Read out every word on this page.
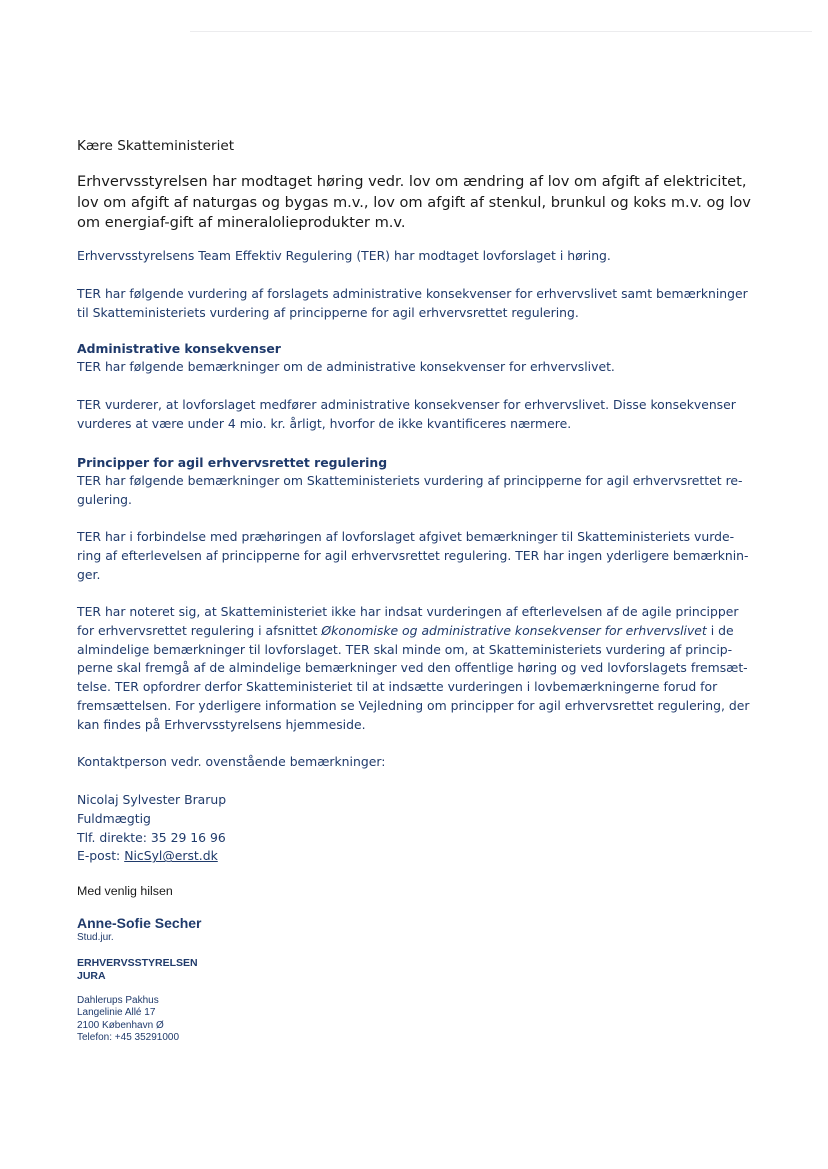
Kære Skatteministeriet

Erhvervsstyrelsen har modtaget høring vedr. lov om ændring af lov om afgift af elektricitet, lov om afgift af naturgas og bygas m.v., lov om afgift af stenkul, brunkul og koks m.v. og lov om energiaf-gift af mineralolieprodukter m.v.

Erhvervsstyrelsens Team Effektiv Regulering (TER) har modtaget lovforslaget i høring.

TER har følgende vurdering af forslagets administrative konsekvenser for erhvervslivet samt bemærkninger til Skatteministeriets vurdering af principperne for agil erhvervsrettet regulering.

Administrative konsekvenser

TER har følgende bemærkninger om de administrative konsekvenser for erhvervslivet.

TER vurderer, at lovforslaget medfører administrative konsekvenser for erhvervslivet. Disse konsekvenser vurderes at være under 4 mio. kr. årligt, hvorfor de ikke kvantificeres nærmere.

Principper for agil erhvervsrettet regulering

TER har følgende bemærkninger om Skatteministeriets vurdering af principperne for agil erhvervsrettet re-gulering.

TER har i forbindelse med præhøringen af lovforslaget afgivet bemærkninger til Skatteministeriets vurde-ring af efterlevelsen af principperne for agil erhvervsrettet regulering. TER har ingen yderligere bemærknin-ger.

TER har noteret sig, at Skatteministeriet ikke har indsat vurderingen af efterlevelsen af de agile principper for erhvervsrettet regulering i afsnittet Økonomiske og administrative konsekvenser for erhvervslivet i de almindelige bemærkninger til lovforslaget. TER skal minde om, at Skatteministeriets vurdering af princip-perne skal fremgå af de almindelige bemærkninger ved den offentlige høring og ved lovforslagets fremsæt-telse. TER opfordrer derfor Skatteministeriet til at indsætte vurderingen i lovbemærkningerne forud for fremsættelsen. For yderligere information se Vejledning om principper for agil erhvervsrettet regulering, der kan findes på Erhvervsstyrelsens hjemmeside.

Kontaktperson vedr. ovenstående bemærkninger:

Nicolaj Sylvester Brarup
Fuldmægtig
Tlf. direkte: 35 29 16 96
E-post: NicSyl@erst.dk

Med venlig hilsen

Anne-Sofie Secher
Stud.jur.
ERHVERVSSTYRELSEN
JURA
Dahlerups Pakhus
Langelinie Allé 17
2100 København Ø
Telefon: +45 35291000
